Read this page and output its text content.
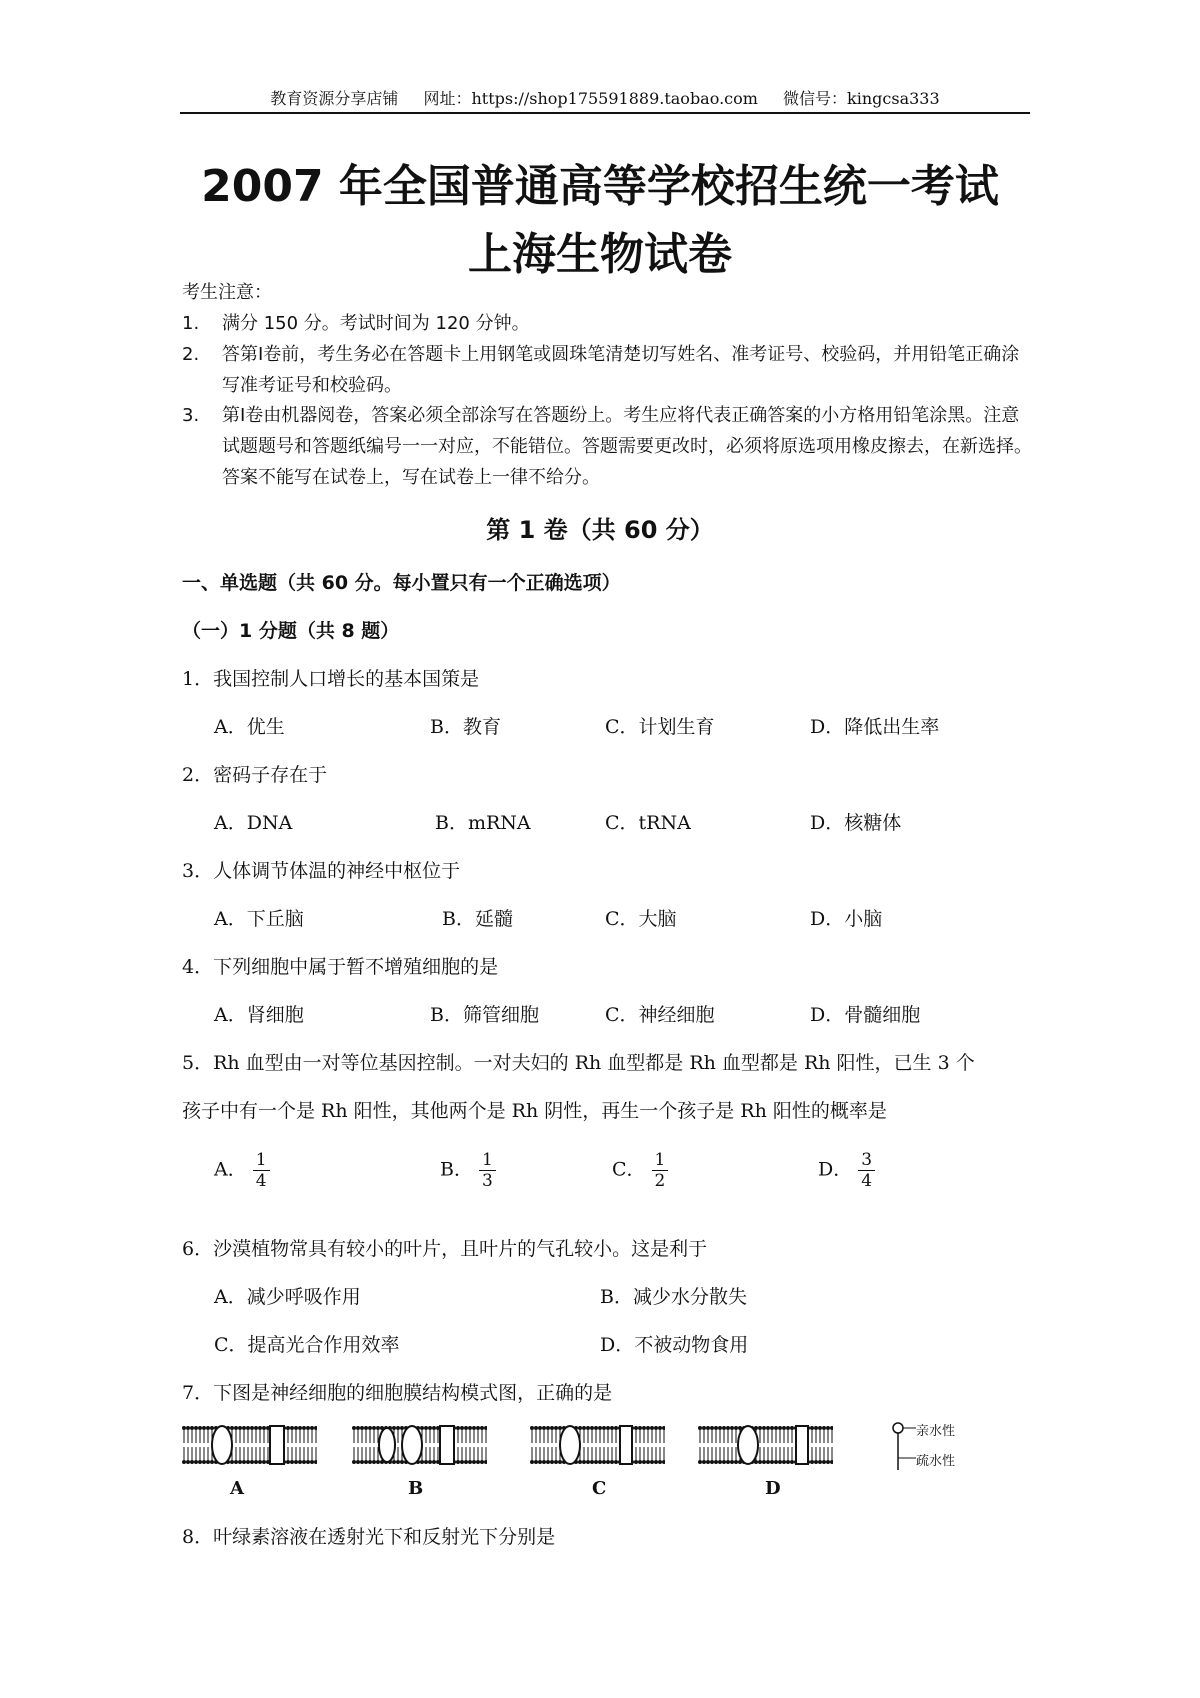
教育资源分享店铺 网址：https://shop175591889.taobao.com 微信号：kingcsa333
2007 年全国普通高等学校招生统一考试
上海生物试卷
考生注意：
1. 满分 150 分。考试时间为 120 分钟。
2. 答第Ⅰ卷前，考生务必在答题卡上用钢笔或圆珠笔清楚切写姓名、准考证号、校验码，并用铅笔正确涂写准考证号和校验码。
3. 第Ⅰ卷由机器阅卷，答案必须全部涂写在答题纷上。考生应将代表正确答案的小方格用铅笔涂黑。注意试题题号和答题纸编号一一对应，不能错位。答题需要更改时，必须将原选项用橡皮擦去，在新选择。答案不能写在试卷上，写在试卷上一律不给分。
第 1 卷（共 60 分）
一、单选题（共 60 分。每小置只有一个正确选项）
（一）1 分题（共 8 题）
1．我国控制人口增长的基本国策是
A．优生	B．教育	C．计划生育	D．降低出生率
2．密码子存在于
A．DNA	B．mRNA	C．tRNA	D．核糖体
3．人体调节体温的神经中枢位于
A．下丘脑	B．延髓	C．大脑	D．小脑
4．下列细胞中属于暂不增殖细胞的是
A．肾细胞	B．筛管细胞	C．神经细胞	D．骨髓细胞
5．Rh 血型由一对等位基因控制。一对夫妇的 Rh 血型都是 Rh 血型都是 Rh 阳性，已生 3 个
孩子中有一个是 Rh 阳性，其他两个是 Rh 阴性，再生一个孩子是 Rh 阳性的概率是
A． $\frac{1}{4}$	B． $\frac{1}{3}$	C． $\frac{1}{2}$	D． $\frac{3}{4}$
6．沙漠植物常具有较小的叶片，且叶片的气孔较小。这是利于
A．减少呼吸作用	B．减少水分散失
C．提高光合作用效率	D．不被动物食用
7．下图是神经细胞的细胞膜结构模式图，正确的是
A	B	C	D
亲水性
疏水性
8．叶绿素溶液在透射光下和反射光下分别是
